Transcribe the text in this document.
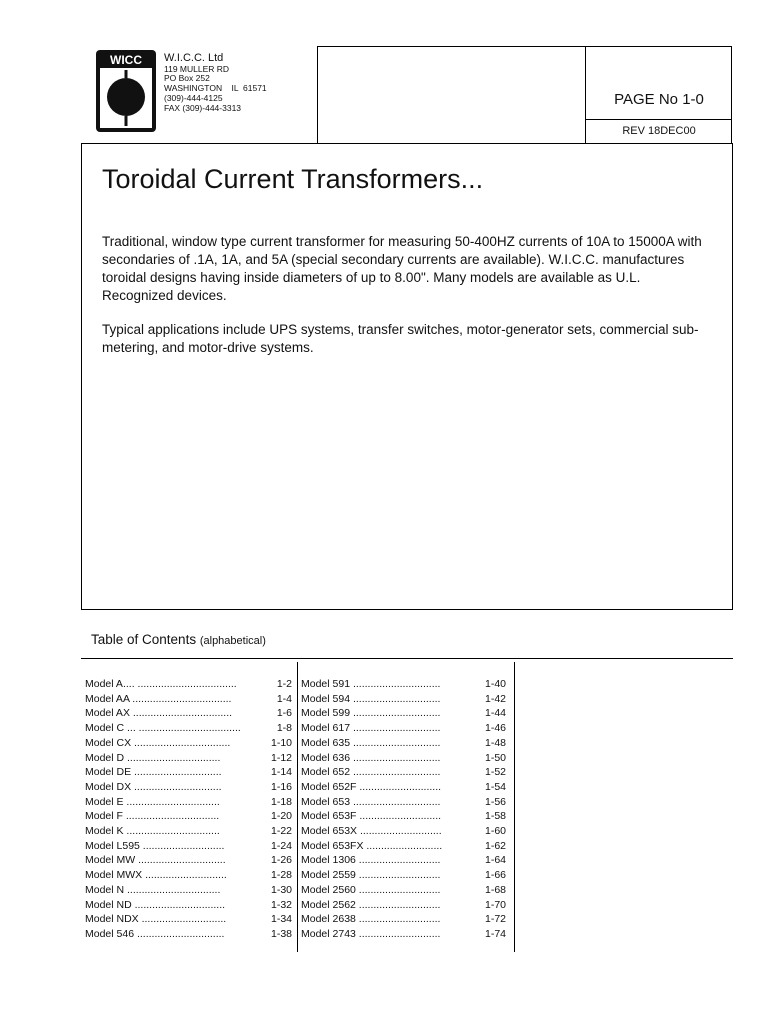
WICC W.I.C.C. Ltd
119 MULLER RD
PO Box 252
WASHINGTON    IL  61571
(309)-444-4125
FAX (309)-444-3313	PAGE No 1-0
REV 18DEC00
Toroidal Current Transformers...

Traditional, window type current transformer for measuring 50-400HZ currents of 10A to 15000A with secondaries of .1A, 1A, and 5A (special secondary currents are available). W.I.C.C. manufactures toroidal designs having inside diameters of up to 8.00". Many models are available as U.L. Recognized devices.

Typical applications include UPS systems, transfer switches, motor-generator sets, commercial sub-metering, and motor-drive systems.

Table of Contents (alphabetical)
Model A.... ..................................	1-2
Model AA ..................................	1-4
Model AX ..................................	1-6
Model C ... ...................................	1-8
Model CX .................................	1-10
Model D ................................	1-12
Model DE ..............................	1-14
Model DX ..............................	1-16
Model E ................................	1-18
Model F ................................	1-20
Model K ................................	1-22
Model L595 ............................	1-24
Model MW ..............................	1-26
Model MWX ............................	1-28
Model N ................................	1-30
Model ND ...............................	1-32
Model NDX .............................	1-34
Model 546 ..............................	1-38
Model 591 ..............................	1-40
Model 594 ..............................	1-42
Model 599 ..............................	1-44
Model 617 ..............................	1-46
Model 635 ..............................	1-48
Model 636 ..............................	1-50
Model 652 ..............................	1-52
Model 652F ............................	1-54
Model 653 ..............................	1-56
Model 653F ............................	1-58
Model 653X ............................	1-60
Model 653FX ..........................	1-62
Model 1306 ............................	1-64
Model 2559 ............................	1-66
Model 2560 ............................	1-68
Model 2562 ............................	1-70
Model 2638 ............................	1-72
Model 2743 ............................	1-74
